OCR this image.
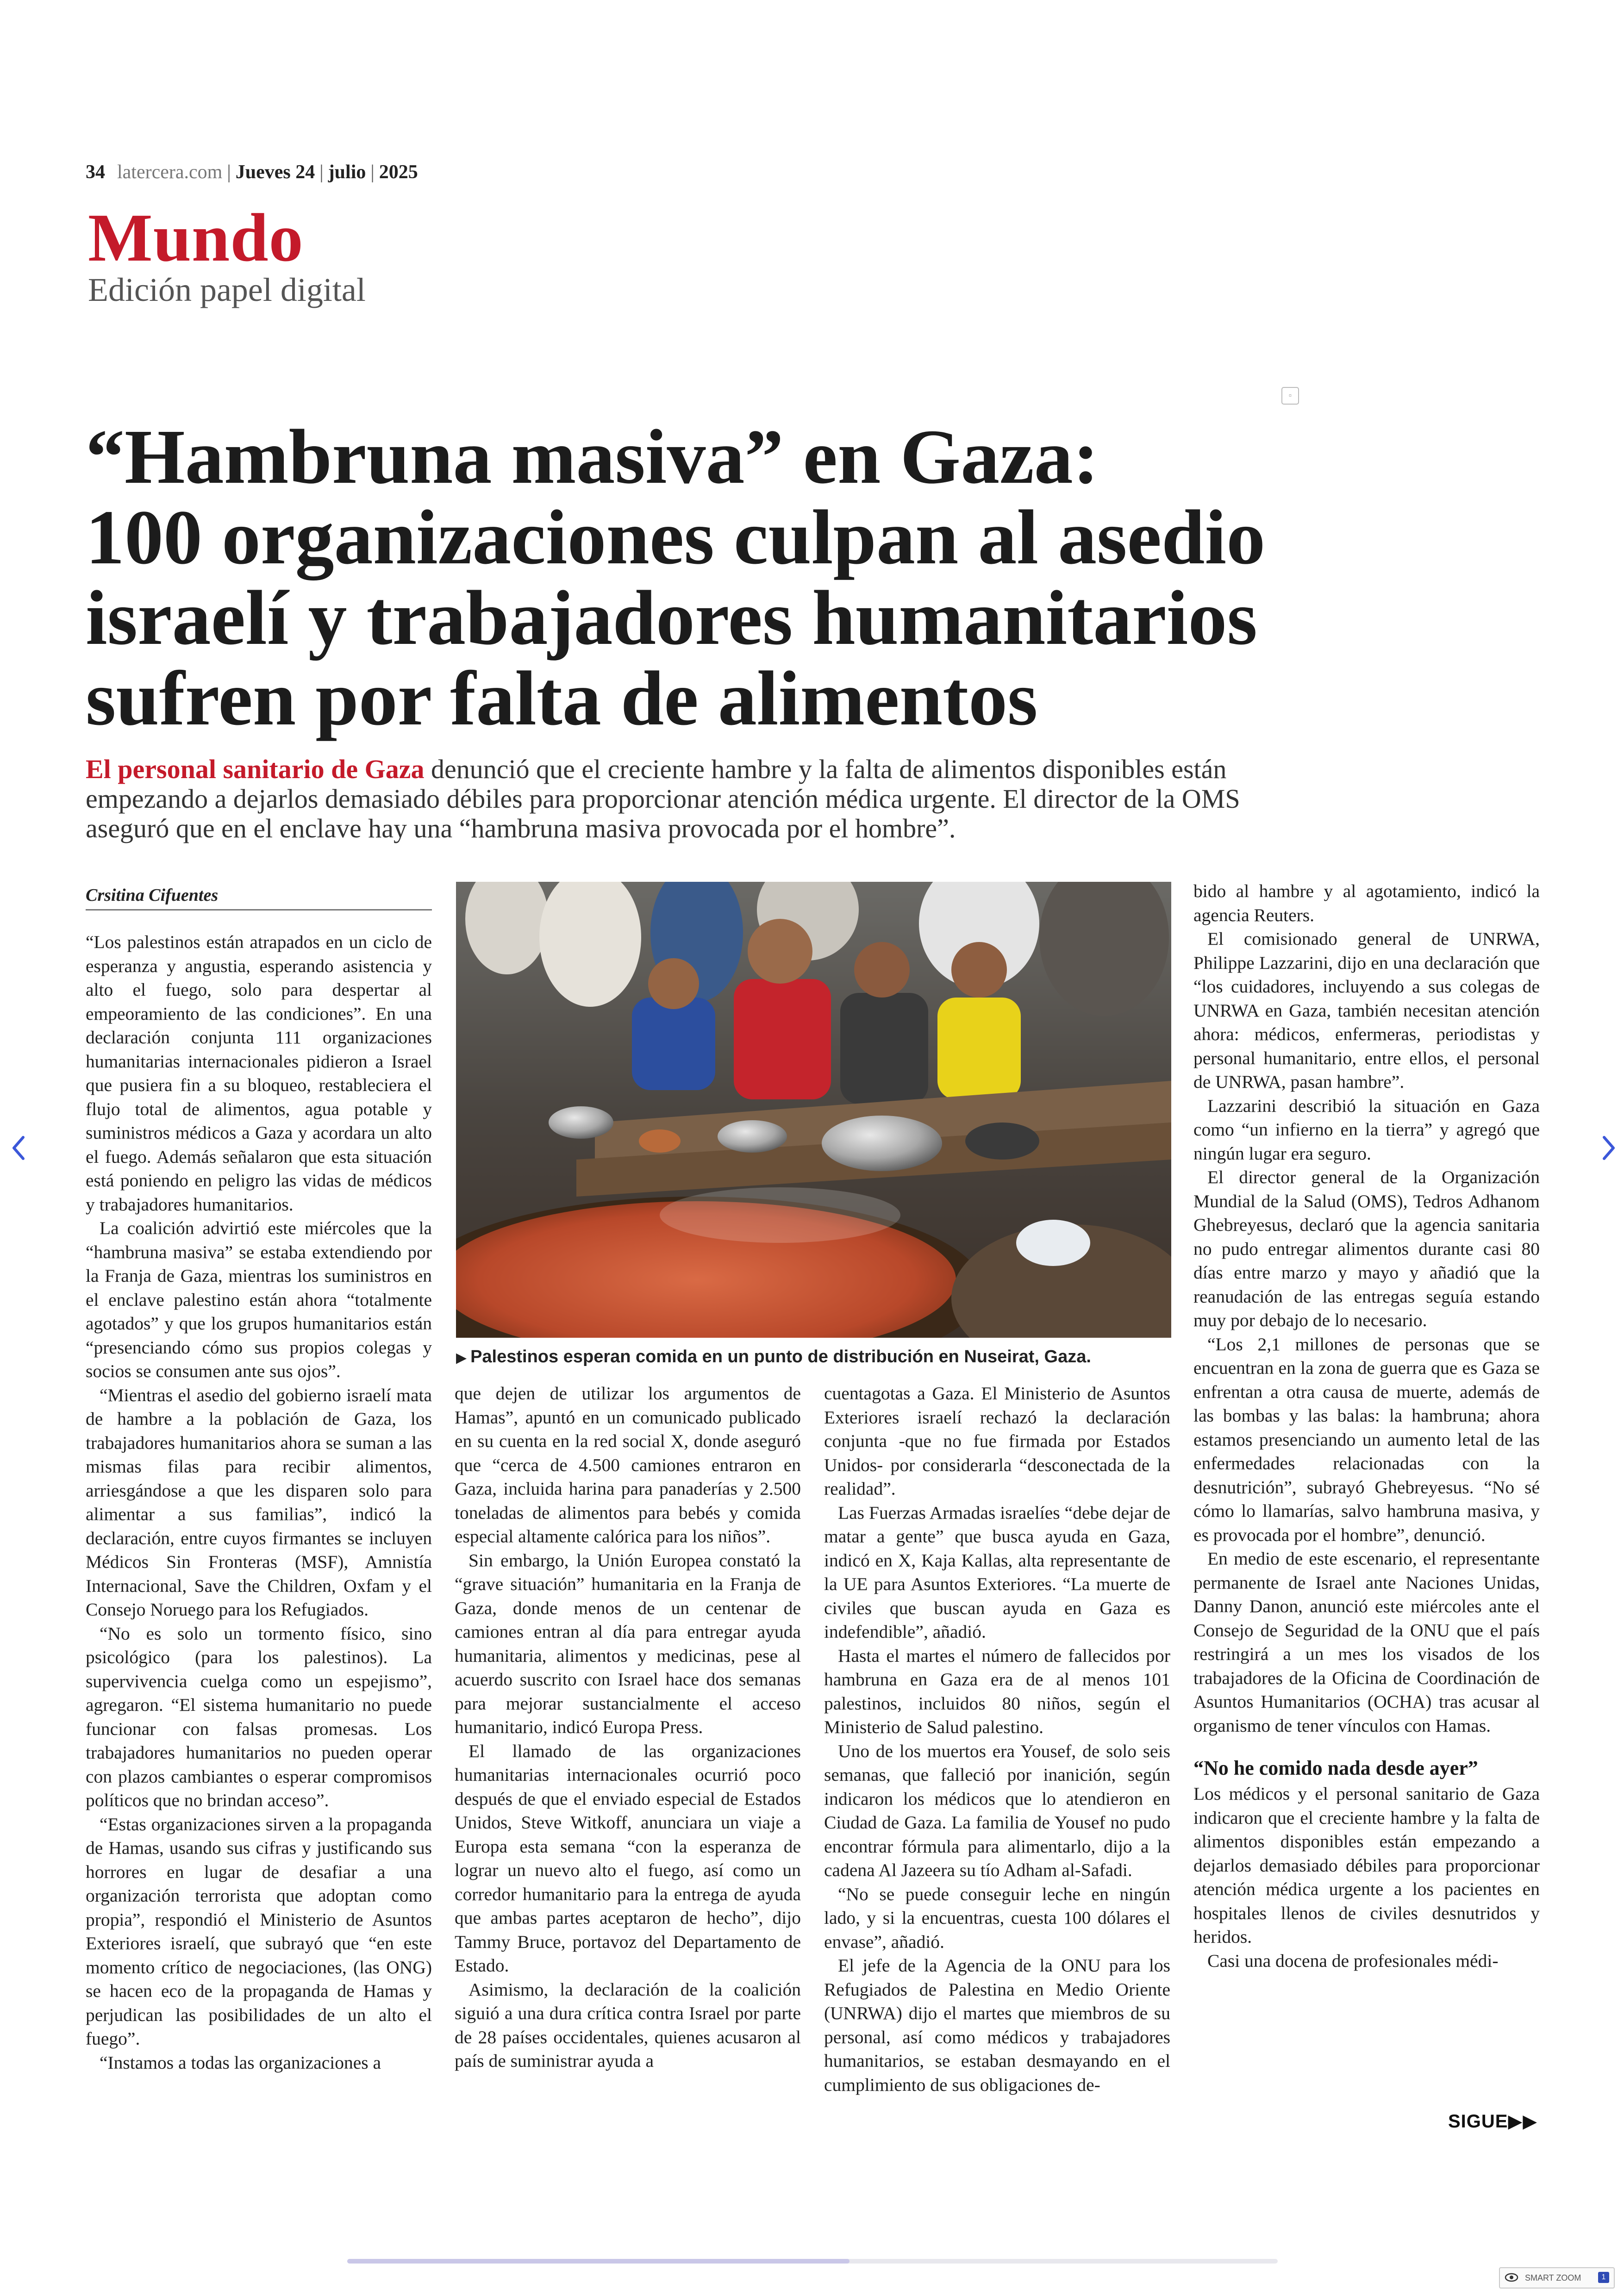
34 latercera.com | Jueves 24 | julio | 2025
Mundo
Edición papel digital
▫
“Hambruna masiva” en Gaza:
100 organizaciones culpan al asedio
israelí y trabajadores humanitarios
sufren por falta de alimentos
El personal sanitario de Gaza denunció que el creciente hambre y la falta de alimentos disponibles están empezando a dejarlos demasiado débiles para proporcionar atención médica urgente. El director de la OMS aseguró que en el enclave hay una “hambruna masiva provocada por el hombre”.
Crsitina Cifuentes

“Los palestinos están atrapados en un ciclo de esperanza y angustia, esperando asistencia y alto el fuego, solo para despertar al empeoramiento de las condiciones”. En una declaración conjunta 111 organizaciones humanitarias internacionales pidieron a Israel que pusiera fin a su bloqueo, restableciera el flujo total de alimentos, agua potable y suministros médicos a Gaza y acordara un alto el fuego. Además señalaron que esta situación está poniendo en peligro las vidas de médicos y trabajadores humanitarios.

La coalición advirtió este miércoles que la “hambruna masiva” se estaba extendiendo por la Franja de Gaza, mientras los suministros en el enclave palestino están ahora “totalmente agotados” y que los grupos humanitarios están “presenciando cómo sus propios colegas y socios se consumen ante sus ojos”.

“Mientras el asedio del gobierno israelí mata de hambre a la población de Gaza, los trabajadores humanitarios ahora se suman a las mismas filas para recibir alimentos, arriesgándose a que les disparen solo para alimentar a sus familias”, indicó la declaración, entre cuyos firmantes se incluyen Médicos Sin Fronteras (MSF), Amnistía Internacional, Save the Children, Oxfam y el Consejo Noruego para los Refugiados.

“No es solo un tormento físico, sino psicológico (para los palestinos). La supervivencia cuelga como un espejismo”, agregaron. “El sistema humanitario no puede funcionar con falsas promesas. Los trabajadores humanitarios no pueden operar con plazos cambiantes o esperar compromisos políticos que no brindan acceso”.

“Estas organizaciones sirven a la propaganda de Hamas, usando sus cifras y justificando sus horrores en lugar de desafiar a una organización terrorista que adoptan como propia”, respondió el Ministerio de Asuntos Exteriores israelí, que subrayó que “en este momento crítico de negociaciones, (las ONG) se hacen eco de la propaganda de Hamas y perjudican las posibilidades de un alto el fuego”.

“Instamos a todas las organizaciones a

▶ Palestinos esperan comida en un punto de distribución en Nuseirat, Gaza.

que dejen de utilizar los argumentos de Hamas”, apuntó en un comunicado publicado en su cuenta en la red social X, donde aseguró que “cerca de 4.500 camiones entraron en Gaza, incluida harina para panaderías y 2.500 toneladas de alimentos para bebés y comida especial altamente calórica para los niños”.

Sin embargo, la Unión Europea constató la “grave situación” humanitaria en la Franja de Gaza, donde menos de un centenar de camiones entran al día para entregar ayuda humanitaria, alimentos y medicinas, pese al acuerdo suscrito con Israel hace dos semanas para mejorar sustancialmente el acceso humanitario, indicó Europa Press.

El llamado de las organizaciones humanitarias internacionales ocurrió poco después de que el enviado especial de Estados Unidos, Steve Witkoff, anunciara un viaje a Europa esta semana “con la esperanza de lograr un nuevo alto el fuego, así como un corredor humanitario para la entrega de ayuda que ambas partes aceptaron de hecho”, dijo Tammy Bruce, portavoz del Departamento de Estado.

Asimismo, la declaración de la coalición siguió a una dura crítica contra Israel por parte de 28 países occidentales, quienes acusaron al país de suministrar ayuda a

cuentagotas a Gaza. El Ministerio de Asuntos Exteriores israelí rechazó la declaración conjunta -que no fue firmada por Estados Unidos- por considerarla “desconectada de la realidad”.

Las Fuerzas Armadas israelíes “debe dejar de matar a gente” que busca ayuda en Gaza, indicó en X, Kaja Kallas, alta representante de la UE para Asuntos Exteriores. “La muerte de civiles que buscan ayuda en Gaza es indefendible”, añadió.

Hasta el martes el número de fallecidos por hambruna en Gaza era de al menos 101 palestinos, incluidos 80 niños, según el Ministerio de Salud palestino.

Uno de los muertos era Yousef, de solo seis semanas, que falleció por inanición, según indicaron los médicos que lo atendieron en Ciudad de Gaza. La familia de Yousef no pudo encontrar fórmula para alimentarlo, dijo a la cadena Al Jazeera su tío Adham al-Safadi.

“No se puede conseguir leche en ningún lado, y si la encuentras, cuesta 100 dólares el envase”, añadió.

El jefe de la Agencia de la ONU para los Refugiados de Palestina en Medio Oriente (UNRWA) dijo el martes que miembros de su personal, así como médicos y trabajadores humanitarios, se estaban desmayando en el cumplimiento de sus obligaciones de-

bido al hambre y al agotamiento, indicó la agencia Reuters.

El comisionado general de UNRWA, Philippe Lazzarini, dijo en una declaración que “los cuidadores, incluyendo a sus colegas de UNRWA en Gaza, también necesitan atención ahora: médicos, enfermeras, periodistas y personal humanitario, entre ellos, el personal de UNRWA, pasan hambre”.

Lazzarini describió la situación en Gaza como “un infierno en la tierra” y agregó que ningún lugar era seguro.

El director general de la Organización Mundial de la Salud (OMS), Tedros Adhanom Ghebreyesus, declaró que la agencia sanitaria no pudo entregar alimentos durante casi 80 días entre marzo y mayo y añadió que la reanudación de las entregas seguía estando muy por debajo de lo necesario.

“Los 2,1 millones de personas que se encuentran en la zona de guerra que es Gaza se enfrentan a otra causa de muerte, además de las bombas y las balas: la hambruna; ahora estamos presenciando un aumento letal de las enfermedades relacionadas con la desnutrición”, subrayó Ghebreyesus. “No sé cómo lo llamarías, salvo hambruna masiva, y es provocada por el hombre”, denunció.

En medio de este escenario, el representante permanente de Israel ante Naciones Unidas, Danny Danon, anunció este miércoles ante el Consejo de Seguridad de la ONU que el país restringirá a un mes los visados de los trabajadores de la Oficina de Coordinación de Asuntos Humanitarios (OCHA) tras acusar al organismo de tener vínculos con Hamas.

“No he comido nada desde ayer”

Los médicos y el personal sanitario de Gaza indicaron que el creciente hambre y la falta de alimentos disponibles están empezando a dejarlos demasiado débiles para proporcionar atención médica urgente a los pacientes en hospitales llenos de civiles desnutridos y heridos.

Casi una docena de profesionales médi-

SIGUE▶▶
SMART ZOOM	1
